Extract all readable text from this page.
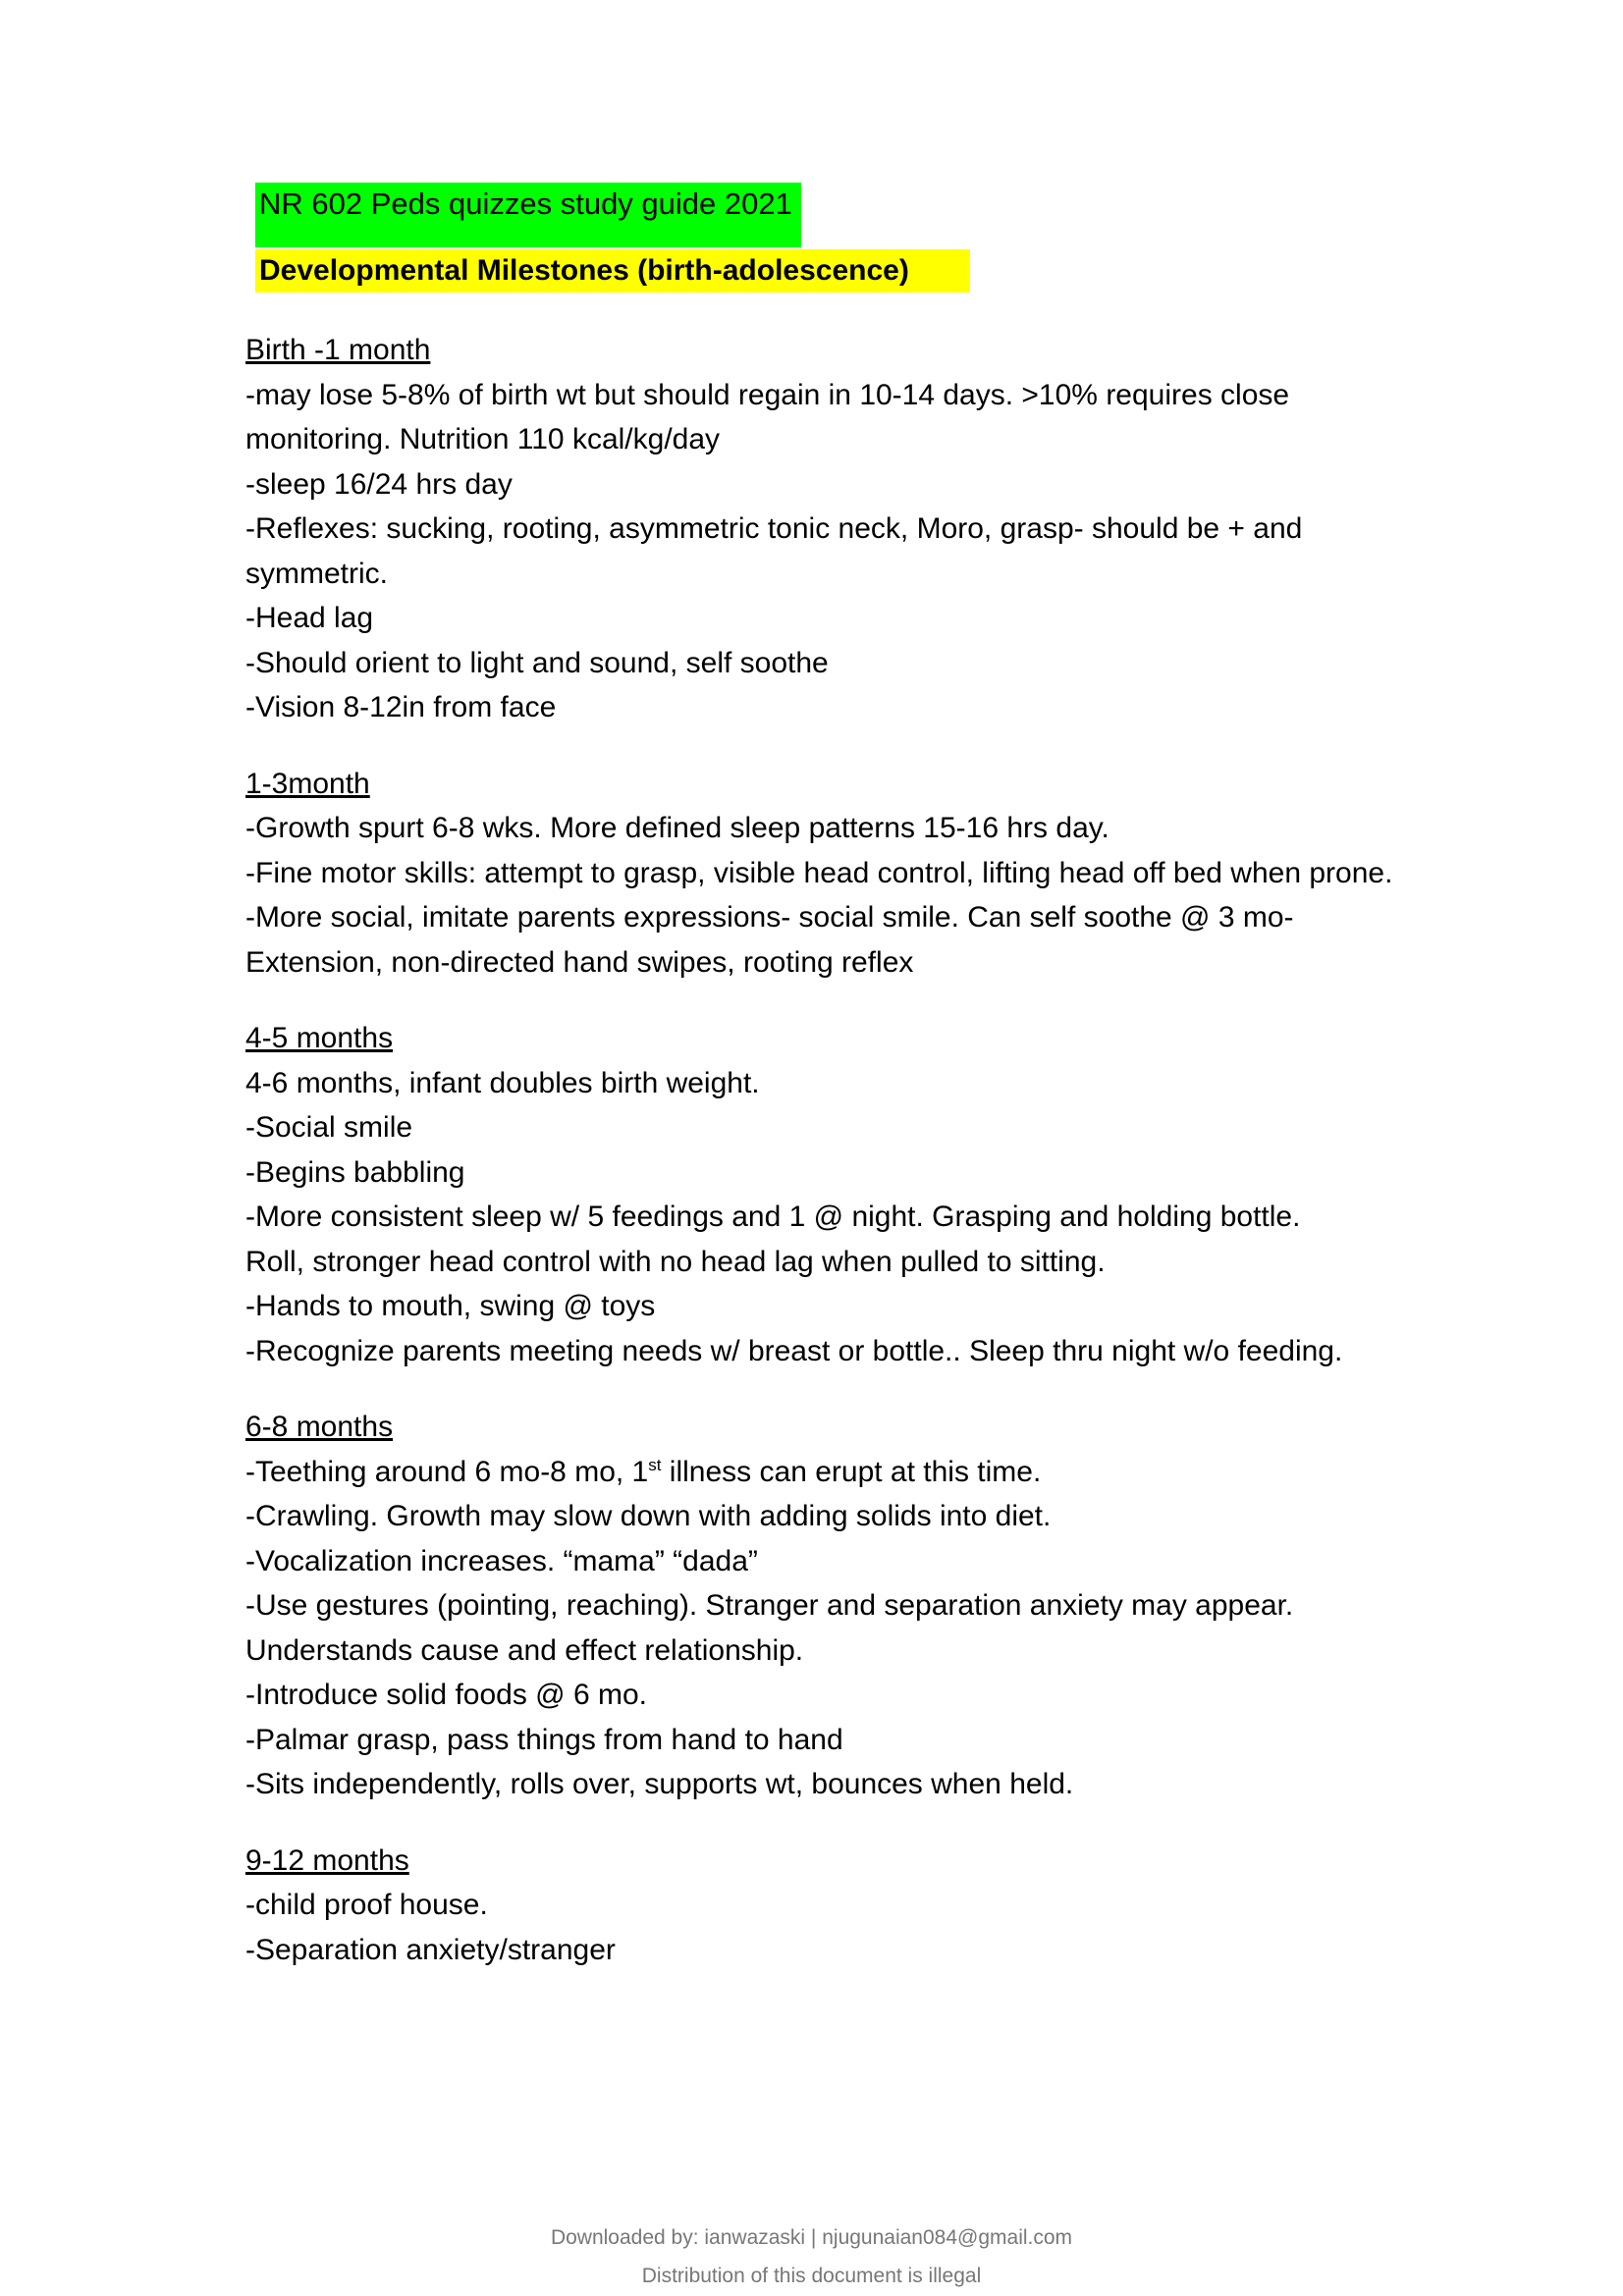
NR 602 Peds quizzes study guide 2021
Developmental Milestones (birth-adolescence)
Birth -1 month
-may lose 5-8% of birth wt but should regain in 10-14 days. >10% requires close
monitoring. Nutrition 110 kcal/kg/day
-sleep 16/24 hrs day
-Reflexes: sucking, rooting, asymmetric tonic neck, Moro, grasp- should be + and
symmetric.
-Head lag
-Should orient to light and sound, self soothe
-Vision 8-12in from face
1-3month
-Growth spurt 6-8 wks. More defined sleep patterns 15-16 hrs day.
-Fine motor skills: attempt to grasp, visible head control, lifting head off bed when prone.
-More social, imitate parents expressions- social smile. Can self soothe @ 3 mo-
Extension, non-directed hand swipes, rooting reflex
4-5 months
4-6 months, infant doubles birth weight.
-Social smile
-Begins babbling
-More consistent sleep w/ 5 feedings and 1 @ night. Grasping and holding bottle.
Roll, stronger head control with no head lag when pulled to sitting.
-Hands to mouth, swing @ toys
-Recognize parents meeting needs w/ breast or bottle.. Sleep thru night w/o feeding.
6-8 months
-Teething around 6 mo-8 mo, 1st illness can erupt at this time.
-Crawling. Growth may slow down with adding solids into diet.
-Vocalization increases. “mama” “dada”
-Use gestures (pointing, reaching). Stranger and separation anxiety may appear.
Understands cause and effect relationship.
-Introduce solid foods @ 6 mo.
-Palmar grasp, pass things from hand to hand
-Sits independently, rolls over, supports wt, bounces when held.
9-12 months
-child proof house.
-Separation anxiety/stranger
Downloaded by: ianwazaski | njugunaian084@gmail.com
Distribution of this document is illegal
